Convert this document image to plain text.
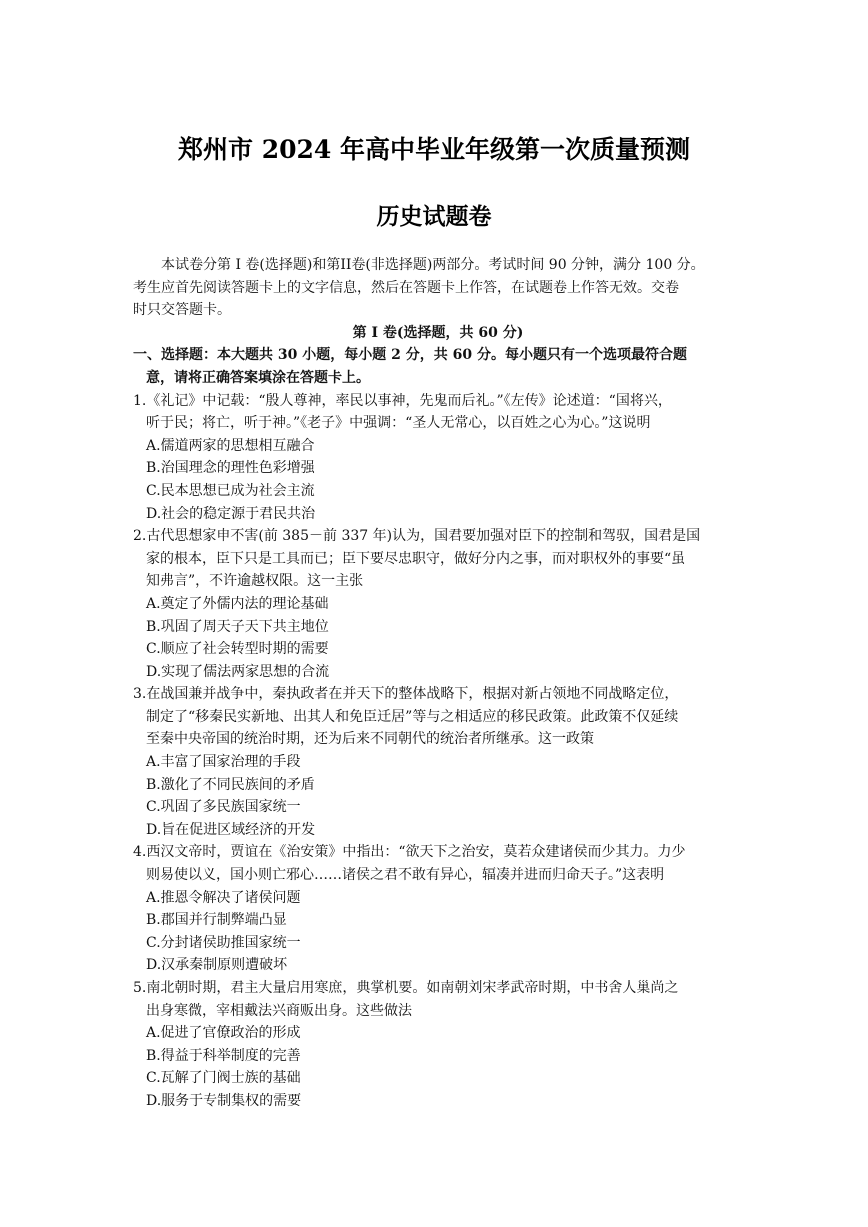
郑州市 2024 年高中毕业年级第一次质量预测
历史试题卷
本试卷分第 I 卷(选择题)和第II卷(非选择题)两部分。考试时间 90 分钟，满分 100 分。
考生应首先阅读答题卡上的文字信息，然后在答题卡上作答，在试题卷上作答无效。交卷
时只交答题卡。
第 I 卷(选择题，共 60 分)
一、选择题：本大题共 30 小题，每小题 2 分，共 60 分。每小题只有一个选项最符合题
意，请将正确答案填涂在答题卡上。
1.《礼记》中记载：“殷人尊神，率民以事神，先鬼而后礼。”《左传》论述道：“国将兴，
听于民；将亡，听于神。”《老子》中强调：“圣人无常心，以百姓之心为心。”这说明
A.儒道两家的思想相互融合
B.治国理念的理性色彩增强
C.民本思想已成为社会主流
D.社会的稳定源于君民共治
2.古代思想家申不害(前 385－前 337 年)认为，国君要加强对臣下的控制和驾驭，国君是国
家的根本，臣下只是工具而已；臣下要尽忠职守，做好分内之事，而对职权外的事要“虽
知弗言”，不许逾越权限。这一主张
A.奠定了外儒内法的理论基础
B.巩固了周天子天下共主地位
C.顺应了社会转型时期的需要
D.实现了儒法两家思想的合流
3.在战国兼并战争中，秦执政者在并天下的整体战略下，根据对新占领地不同战略定位，
制定了“移秦民实新地、出其人和免臣迁居”等与之相适应的移民政策。此政策不仅延续
至秦中央帝国的统治时期，还为后来不同朝代的统治者所继承。这一政策
A.丰富了国家治理的手段
B.激化了不同民族间的矛盾
C.巩固了多民族国家统一
D.旨在促进区域经济的开发
4.西汉文帝时，贾谊在《治安策》中指出：“欲天下之治安，莫若众建诸侯而少其力。力少
则易使以义，国小则亡邪心……诸侯之君不敢有异心，辐凑并进而归命天子。”这表明
A.推恩令解决了诸侯问题
B.郡国并行制弊端凸显
C.分封诸侯助推国家统一
D.汉承秦制原则遭破坏
5.南北朝时期，君主大量启用寒庶，典掌机要。如南朝刘宋孝武帝时期，中书舍人巢尚之
出身寒微，宰相戴法兴商贩出身。这些做法
A.促进了官僚政治的形成
B.得益于科举制度的完善
C.瓦解了门阀士族的基础
D.服务于专制集权的需要
